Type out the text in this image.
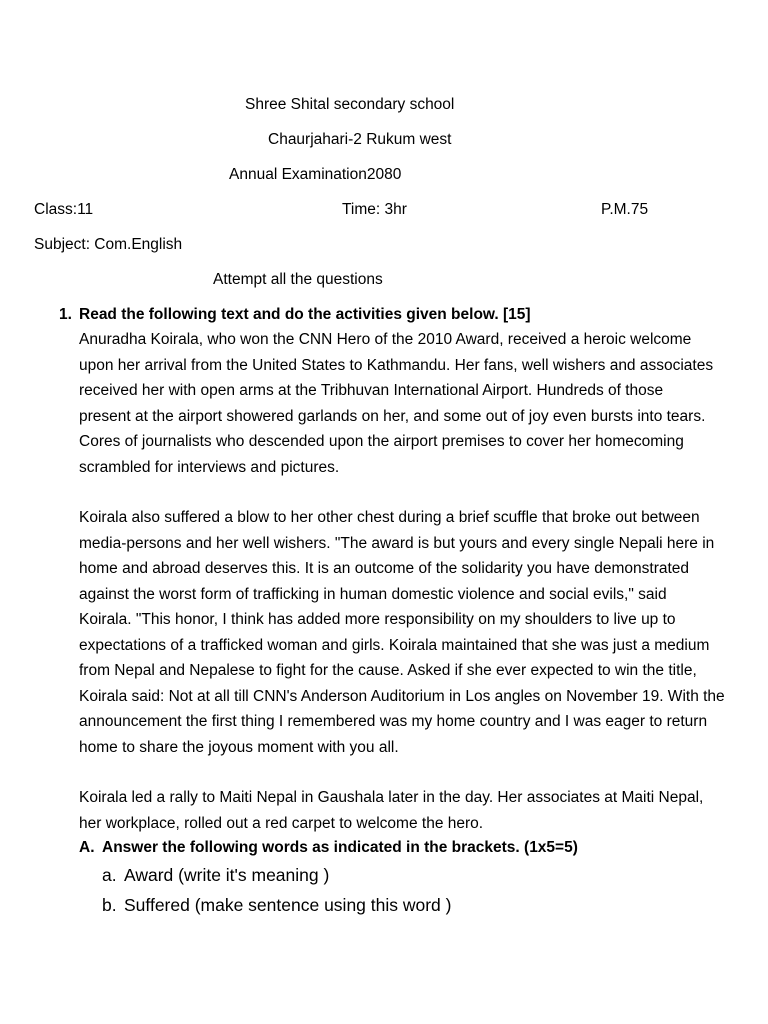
Shree Shital secondary school
Chaurjahari-2 Rukum west
Annual Examination2080
Class:11	Time: 3hr	P.M.75
Subject: Com.English
Attempt all the questions
1. Read the following text and do the activities given below. [15]

Anuradha Koirala, who won the CNN Hero of the 2010 Award, received a heroic welcome

upon her arrival from the United States to Kathmandu. Her fans, well wishers and associates

received her with open arms at the Tribhuvan International Airport. Hundreds of those

present at the airport showered garlands on her, and some out of joy even bursts into tears.

Cores of journalists who descended upon the airport premises to cover her homecoming

scrambled for interviews and pictures.

Koirala also suffered a blow to her other chest during a brief scuffle that broke out between

media-persons and her well wishers. "The award is but yours and every single Nepali here in

home and abroad deserves this. It is an outcome of the solidarity you have demonstrated

against the worst form of trafficking in human domestic violence and social evils," said

Koirala. "This honor, I think has added more responsibility on my shoulders to live up to

expectations of a trafficked woman and girls. Koirala maintained that she was just a medium

from Nepal and Nepalese to fight for the cause. Asked if she ever expected to win the title,

Koirala said: Not at all till CNN's Anderson Auditorium in Los angles on November 19. With the

announcement the first thing I remembered was my home country and I was eager to return

home to share the joyous moment with you all.

Koirala led a rally to Maiti Nepal in Gaushala later in the day. Her associates at Maiti Nepal,

her workplace, rolled out a red carpet to welcome the hero.

A. Answer the following words as indicated in the brackets. (1x5=5)
a. Award (write it's meaning )
b. Suffered (make sentence using this word )
